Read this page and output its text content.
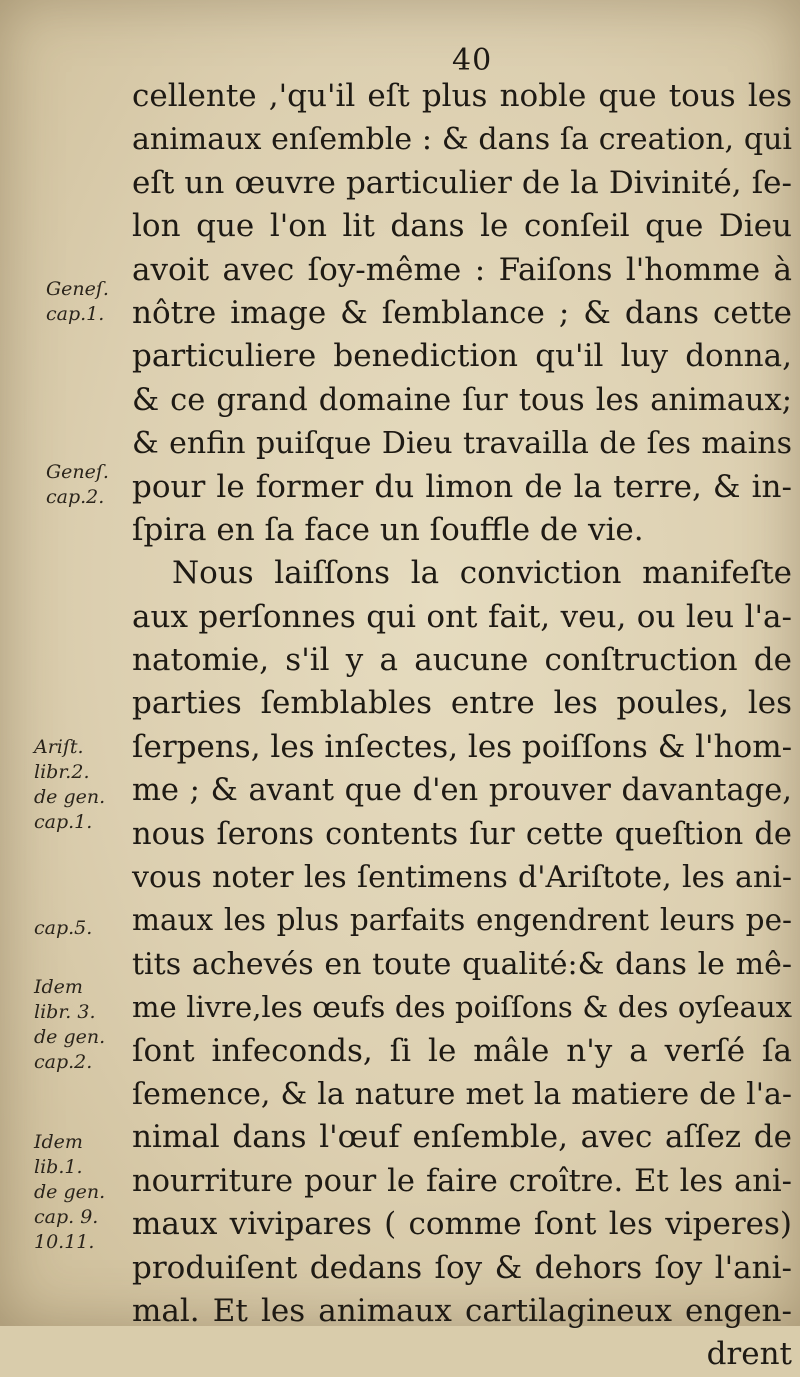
40
Geneſ.
cap.1.
Geneſ.
cap.2.
Ariſt.
libr.2.
de gen.
cap.1.
cap.5.
Idem
libr. 3.
de gen.
cap.2.
Idem
lib.1.
de gen.
cap. 9.
10.11.
cellente ,'qu'il eſt plus noble que tous les
animaux enſemble : & dans ſa creation, qui
eſt un œuvre particulier de la Divinité, ſe-
lon que l'on lit dans le conſeil que Dieu
avoit avec ſoy-même : Faiſons l'homme à
nôtre image & ſemblance ; & dans cette
particuliere benediction qu'il luy donna,
& ce grand domaine ſur tous les animaux;
& enfin puiſque Dieu travailla de ſes mains
pour le former du limon de la terre, & in-
ſpira en ſa face un ſouffle de vie.
Nous laiſſons la conviction manifeſte
aux perſonnes qui ont fait, veu, ou leu l'a-
natomie, s'il y a aucune conſtruction de
parties ſemblables entre les poules, les
ſerpens, les inſectes, les poiſſons & l'hom-
me ; & avant que d'en prouver davantage,
nous ſerons contents ſur cette queſtion de
vous noter les ſentimens d'Ariſtote, les ani-
maux les plus parfaits engendrent leurs pe-
tits achevés en toute qualité:& dans le mê-
me livre,les œufs des poiſſons & des oyſeaux
ſont infeconds, ſi le mâle n'y a verſé ſa
ſemence, & la nature met la matiere de l'a-
nimal dans l'œuf enſemble, avec aſſez de
nourriture pour le faire croître. Et les ani-
maux vivipares ( comme ſont les viperes)
produiſent dedans ſoy & dehors ſoy l'ani-
mal. Et les animaux cartilagineux engen-
drent
